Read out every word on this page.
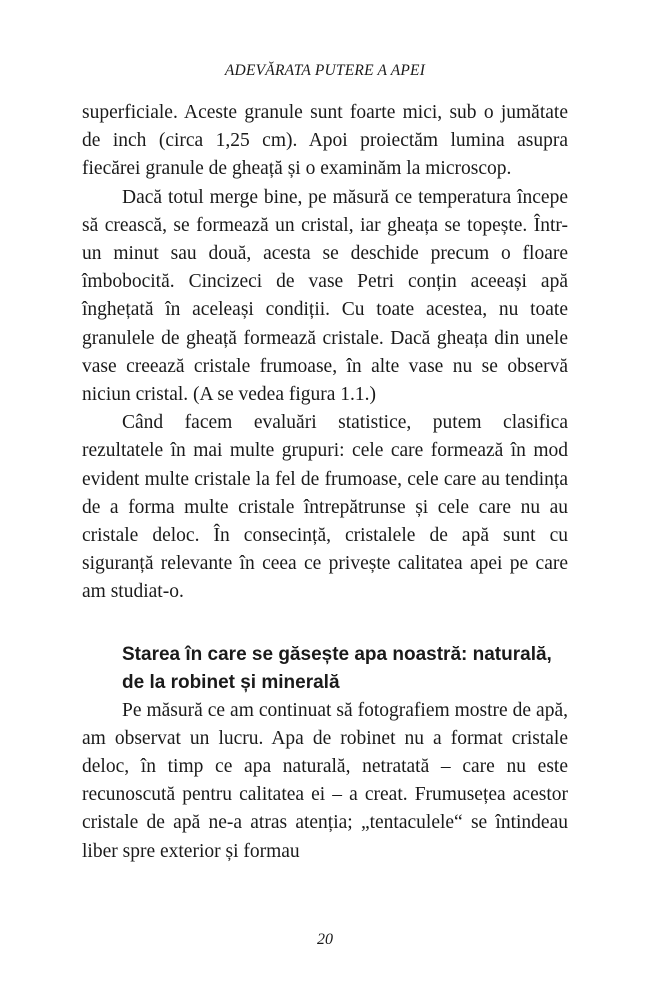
ADEVĂRATA PUTERE A APEI

superficiale. Aceste granule sunt foarte mici, sub o jumătate de inch (circa 1,25 cm). Apoi proiectăm lumina asupra fiecărei granule de gheață și o examinăm la microscop.

Dacă totul merge bine, pe măsură ce temperatura începe să crească, se formează un cristal, iar gheața se topește. Într-un minut sau două, acesta se deschide precum o floare îmbobocită. Cincizeci de vase Petri conțin aceeași apă înghețată în aceleași condiții. Cu toate acestea, nu toate granulele de gheață formează cristale. Dacă gheața din unele vase creează cristale frumoase, în alte vase nu se observă niciun cristal. (A se vedea figura 1.1.)

Când facem evaluări statistice, putem clasifica rezultatele în mai multe grupuri: cele care formează în mod evident multe cristale la fel de frumoase, cele care au tendința de a forma multe cristale întrepătrunse și cele care nu au cristale deloc. În consecință, cristalele de apă sunt cu siguranță relevante în ceea ce privește calitatea apei pe care am studiat-o.

Starea în care se găsește apa noastră: naturală, de la robinet și minerală

Pe măsură ce am continuat să fotografiem mostre de apă, am observat un lucru. Apa de robinet nu a format cristale deloc, în timp ce apa naturală, netratată – care nu este recunoscută pentru calitatea ei – a creat. Frumusețea acestor cristale de apă ne-a atras atenția; „tentaculele“ se întindeau liber spre exterior și formau

20
